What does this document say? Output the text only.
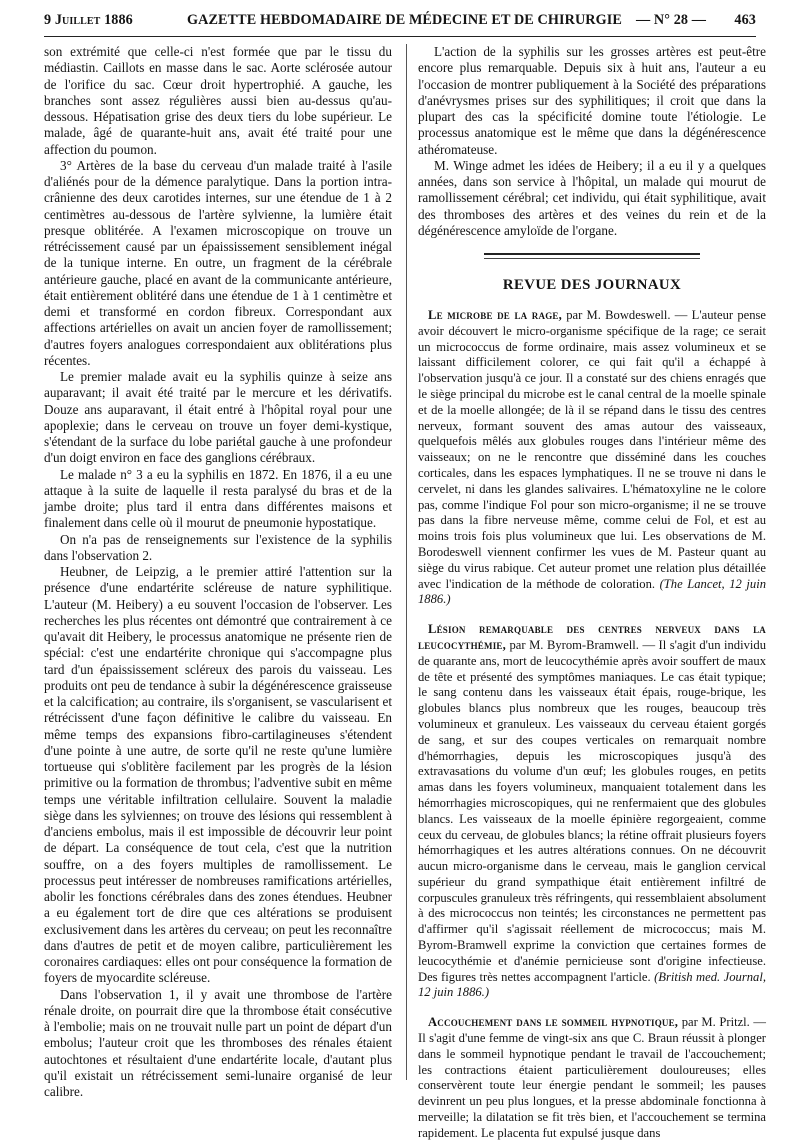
9 Juillet 1886	GAZETTE HEBDOMADAIRE DE MÉDECINE ET DE CHIRURGIE — N° 28 — 463

son extrémité que celle-ci n'est formée que par le tissu du médiastin. Caillots en masse dans le sac. Aorte sclérosée autour de l'orifice du sac. Cœur droit hypertrophié. A gauche, les branches sont assez régulières aussi bien au-dessus qu'au-dessous. Hépatisation grise des deux tiers du lobe supérieur. Le malade, âgé de quarante-huit ans, avait été traité pour une affection du poumon.

3° Artères de la base du cerveau d'un malade traité à l'asile d'aliénés pour de la démence paralytique. Dans la portion intra-crânienne des deux carotides internes, sur une étendue de 1 à 2 centimètres au-dessous de l'artère sylvienne, la lumière était presque oblitérée. A l'examen microscopique on trouve un rétrécissement causé par un épaississement sensiblement inégal de la tunique interne. En outre, un fragment de la cérébrale antérieure gauche, placé en avant de la communicante antérieure, était entièrement oblitéré dans une étendue de 1 à 1 centimètre et demi et transformé en cordon fibreux. Correspondant aux affections artérielles on avait un ancien foyer de ramollissement; d'autres foyers analogues correspondaient aux oblitérations plus récentes.

Le premier malade avait eu la syphilis quinze à seize ans auparavant; il avait été traité par le mercure et les dérivatifs. Douze ans auparavant, il était entré à l'hôpital royal pour une apoplexie; dans le cerveau on trouve un foyer demi-kystique, s'étendant de la surface du lobe pariétal gauche à une profondeur d'un doigt environ en face des ganglions cérébraux.

Le malade n° 3 a eu la syphilis en 1872. En 1876, il a eu une attaque à la suite de laquelle il resta paralysé du bras et de la jambe droite; plus tard il entra dans différentes maisons et finalement dans celle où il mourut de pneumonie hypostatique.

On n'a pas de renseignements sur l'existence de la syphilis dans l'observation 2.

Heubner, de Leipzig, a le premier attiré l'attention sur la présence d'une endartérite scléreuse de nature syphilitique. L'auteur (M. Heibery) a eu souvent l'occasion de l'observer. Les recherches les plus récentes ont démontré que contrairement à ce qu'avait dit Heibery, le processus anatomique ne présente rien de spécial: c'est une endartérite chronique qui s'accompagne plus tard d'un épaississement scléreux des parois du vaisseau. Les produits ont peu de tendance à subir la dégénérescence graisseuse et la calcification; au contraire, ils s'organisent, se vascularisent et rétrécissent d'une façon définitive le calibre du vaisseau. En même temps des expansions fibro-cartilagineuses s'étendent d'une pointe à une autre, de sorte qu'il ne reste qu'une lumière tortueuse qui s'oblitère facilement par les progrès de la lésion primitive ou la formation de thrombus; l'adventive subit en même temps une véritable infiltration cellulaire. Souvent la maladie siège dans les sylviennes; on trouve des lésions qui ressemblent à d'anciens embolus, mais il est impossible de découvrir leur point de départ. La conséquence de tout cela, c'est que la nutrition souffre, on a des foyers multiples de ramollissement. Le processus peut intéresser de nombreuses ramifications artérielles, abolir les fonctions cérébrales dans des zones étendues. Heubner a eu également tort de dire que ces altérations se produisent exclusivement dans les artères du cerveau; on peut les reconnaître dans d'autres de petit et de moyen calibre, particulièrement les coronaires cardiaques: elles ont pour conséquence la formation de foyers de myocardite scléreuse.

Dans l'observation 1, il y avait une thrombose de l'artère rénale droite, on pourrait dire que la thrombose était consécutive à l'embolie; mais on ne trouvait nulle part un point de départ d'un embolus; l'auteur croit que les thromboses des rénales étaient autochtones et résultaient d'une endartérite locale, d'autant plus qu'il existait un rétrécissement semi-lunaire organisé de leur calibre.

L'action de la syphilis sur les grosses artères est peut-être encore plus remarquable. Depuis six à huit ans, l'auteur a eu l'occasion de montrer publiquement à la Société des préparations d'anévrysmes prises sur des syphilitiques; il croit que dans la plupart des cas la spécificité domine toute l'étiologie. Le processus anatomique est le même que dans la dégénérescence athéromateuse.

M. Winge admet les idées de Heibery; il a eu il y a quelques années, dans son service à l'hôpital, un malade qui mourut de ramollissement cérébral; cet individu, qui était syphilitique, avait des thromboses des artères et des veines du rein et de la dégénérescence amyloïde de l'organe.

REVUE DES JOURNAUX

Le microbe de la rage, par M. Bowdeswell. — L'auteur pense avoir découvert le micro-organisme spécifique de la rage; ce serait un micrococcus de forme ordinaire, mais assez volumineux et se laissant difficilement colorer, ce qui fait qu'il a échappé à l'observation jusqu'à ce jour. Il a constaté sur des chiens enragés que le siège principal du microbe est le canal central de la moelle spinale et de la moelle allongée; de là il se répand dans le tissu des centres nerveux, formant souvent des amas autour des vaisseaux, quelquefois mêlés aux globules rouges dans l'intérieur même des vaisseaux; on ne le rencontre que disséminé dans les couches corticales, dans les espaces lymphatiques. Il ne se trouve ni dans le cervelet, ni dans les glandes salivaires. L'hématoxyline ne le colore pas, comme l'indique Fol pour son micro-organisme; il ne se trouve pas dans la fibre nerveuse même, comme celui de Fol, et est au moins trois fois plus volumineux que lui. Les observations de M. Borodeswell viennent confirmer les vues de M. Pasteur quant au siège du virus rabique. Cet auteur promet une relation plus détaillée avec l'indication de la méthode de coloration. (The Lancet, 12 juin 1886.)

Lésion remarquable des centres nerveux dans la leucocythémie, par M. Byrom-Bramwell. — Il s'agit d'un individu de quarante ans, mort de leucocythémie après avoir souffert de maux de tête et présenté des symptômes maniaques. Le cas était typique; le sang contenu dans les vaisseaux était épais, rouge-brique, les globules blancs plus nombreux que les rouges, beaucoup très volumineux et granuleux. Les vaisseaux du cerveau étaient gorgés de sang, et sur des coupes verticales on remarquait nombre d'hémorrhagies, depuis les microscopiques jusqu'à des extravasations du volume d'un œuf; les globules rouges, en petits amas dans les foyers volumineux, manquaient totalement dans les hémorrhagies microscopiques, qui ne renfermaient que des globules blancs. Les vaisseaux de la moelle épinière regorgeaient, comme ceux du cerveau, de globules blancs; la rétine offrait plusieurs foyers hémorrhagiques et les autres altérations connues. On ne découvrit aucun micro-organisme dans le cerveau, mais le ganglion cervical supérieur du grand sympathique était entièrement infiltré de corpuscules granuleux très réfringents, qui ressemblaient absolument à des micrococcus non teintés; les circonstances ne permettent pas d'affirmer qu'il s'agissait réellement de micrococcus; mais M. Byrom-Bramwell exprime la conviction que certaines formes de leucocythémie et d'anémie pernicieuse sont d'origine infectieuse. Des figures très nettes accompagnent l'article. (British med. Journal, 12 juin 1886.)

Accouchement dans le sommeil hypnotique, par M. Pritzl. — Il s'agit d'une femme de vingt-six ans que C. Braun réussit à plonger dans le sommeil hypnotique pendant le travail de l'accouchement; les contractions étaient particulièrement douloureuses; elles conservèrent toute leur énergie pendant le sommeil; les pauses devinrent un peu plus longues, et la presse abdominale fonctionna à merveille; la dilatation se fit très bien, et l'accouchement se termina rapidement. Le placenta fut expulsé jusque dans
